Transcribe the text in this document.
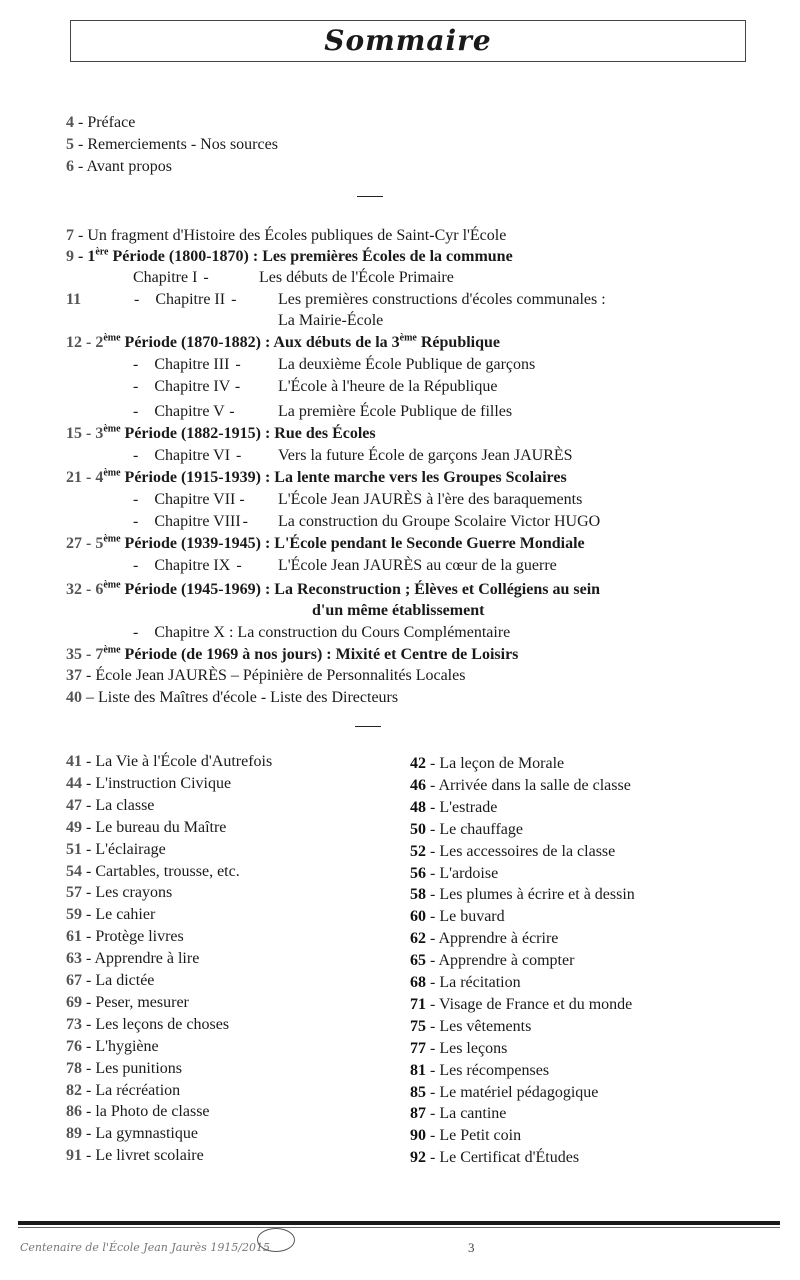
Sommaire
4 - Préface
5 - Remerciements - Nos sources
6 - Avant propos
7 - Un fragment d'Histoire des Écoles publiques de Saint-Cyr l'École
9 - 1ère Période (1800-1870) : Les premières Écoles de la commune
Chapitre I -	Les débuts de l'École Primaire
11	- Chapitre II -	Les premières constructions d'écoles communales :
La Mairie-École
12 - 2ème Période (1870-1882) : Aux débuts de la 3ème République
- Chapitre III - La deuxième École Publique de garçons
- Chapitre IV - L'École à l'heure de la République
- Chapitre V -	La première École Publique de filles
15 - 3ème Période (1882-1915) : Rue des Écoles
- Chapitre VI - Vers la future École de garçons Jean JAURÈS
21 - 4ème Période (1915-1939) : La lente marche vers les Groupes Scolaires
- Chapitre VII - L'École Jean JAURÈS à l'ère des baraquements
- Chapitre VIII - La construction du Groupe Scolaire Victor HUGO
27 - 5ème Période (1939-1945) : L'École pendant le Seconde Guerre Mondiale
- Chapitre IX - L'École Jean JAURÈS au cœur de la guerre
32 - 6ème Période (1945-1969) : La Reconstruction ; Élèves et Collégiens au sein
d'un même établissement
- Chapitre X : La construction du Cours Complémentaire
35 - 7ème Période (de 1969 à nos jours) : Mixité et Centre de Loisirs
37 - École Jean JAURÈS – Pépinière de Personnalités Locales
40 – Liste des Maîtres d'école - Liste des Directeurs
41 - La Vie à l'École d'Autrefois
44 - L'instruction Civique
47 - La classe
49 - Le bureau du Maître
51 - L'éclairage
54 - Cartables, trousse, etc.
57 - Les crayons
59 - Le cahier
61 - Protège livres
63 - Apprendre à lire
67 - La dictée
69 - Peser, mesurer
73 - Les leçons de choses
76 - L'hygiène
78 - Les punitions
82 - La récréation
86 - la Photo de classe
89 - La gymnastique
91 - Le livret scolaire
42 - La leçon de Morale
46 - Arrivée dans la salle de classe
48 - L'estrade
50 - Le chauffage
52 - Les accessoires de la classe
56 - L'ardoise
58 - Les plumes à écrire et à dessin
60 - Le buvard
62 - Apprendre à écrire
65 - Apprendre à compter
68 - La récitation
71 - Visage de France et du monde
75 - Les vêtements
77 - Les leçons
81 - Les récompenses
85 - Le matériel pédagogique
87 - La cantine
90 - Le Petit coin
92 - Le Certificat d'Études
Centenaire de l'École Jean Jaurès 1915/2015	3
